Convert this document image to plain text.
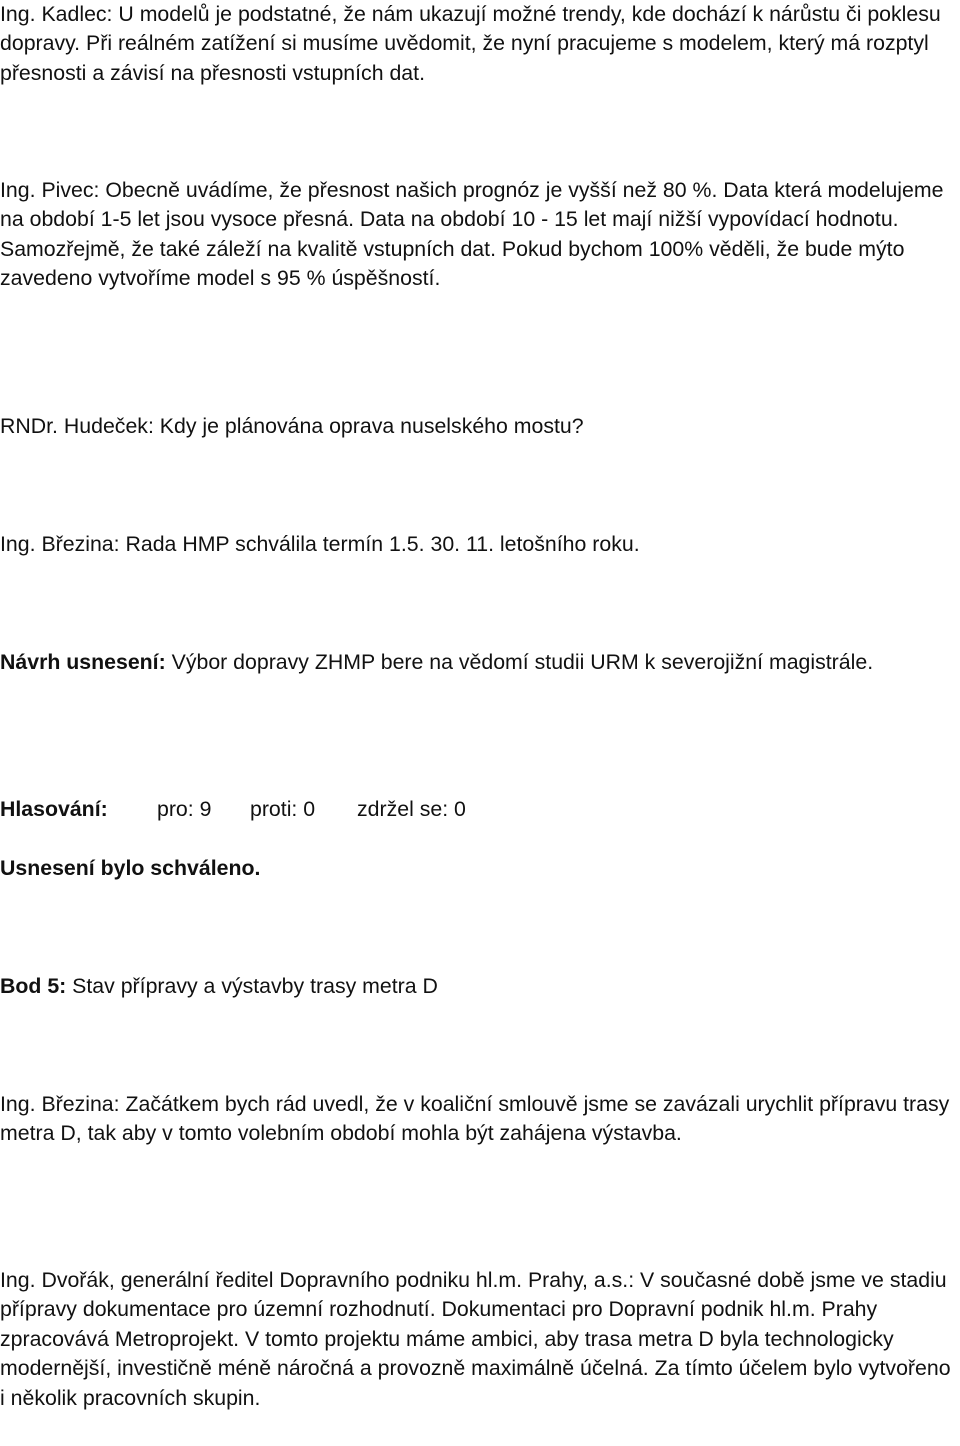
Ing. Kadlec: U modelů je podstatné, že nám ukazují možné trendy, kde dochází k nárůstu či poklesu dopravy. Při reálném zatížení si musíme uvědomit, že nyní pracujeme s modelem, který má rozptyl přesnosti a závisí na přesnosti vstupních dat.

Ing. Pivec: Obecně uvádíme, že přesnost našich prognóz je vyšší než 80 %. Data která modelujeme na období 1-5 let jsou vysoce přesná. Data na období 10 - 15 let mají nižší vypovídací hodnotu. Samozřejmě, že také záleží na kvalitě vstupních dat. Pokud bychom 100% věděli, že bude mýto zavedeno vytvoříme model s 95 % úspěšností.

RNDr. Hudeček: Kdy je plánována oprava nuselského mostu?

Ing. Březina: Rada HMP schválila termín 1.5. 30. 11. letošního roku.

Návrh usnesení: Výbor dopravy ZHMP bere na vědomí studii URM k severojižní magistrále.

Hlasování: pro: 9 proti: 0 zdržel se: 0

Usnesení bylo schváleno.

Bod 5: Stav přípravy a výstavby trasy metra D

Ing. Březina: Začátkem bych rád uvedl, že v koaliční smlouvě jsme se zavázali urychlit přípravu trasy metra D, tak aby v tomto volebním období mohla být zahájena výstavba.

Ing. Dvořák, generální ředitel Dopravního podniku hl.m. Prahy, a.s.: V současné době jsme ve stadiu přípravy dokumentace pro územní rozhodnutí. Dokumentaci pro Dopravní podnik hl.m. Prahy zpracovává Metroprojekt. V tomto projektu máme ambici, aby trasa metra D byla technologicky modernější, investičně méně náročná a provozně maximálně účelná. Za tímto účelem bylo vytvořeno i několik pracovních skupin.
